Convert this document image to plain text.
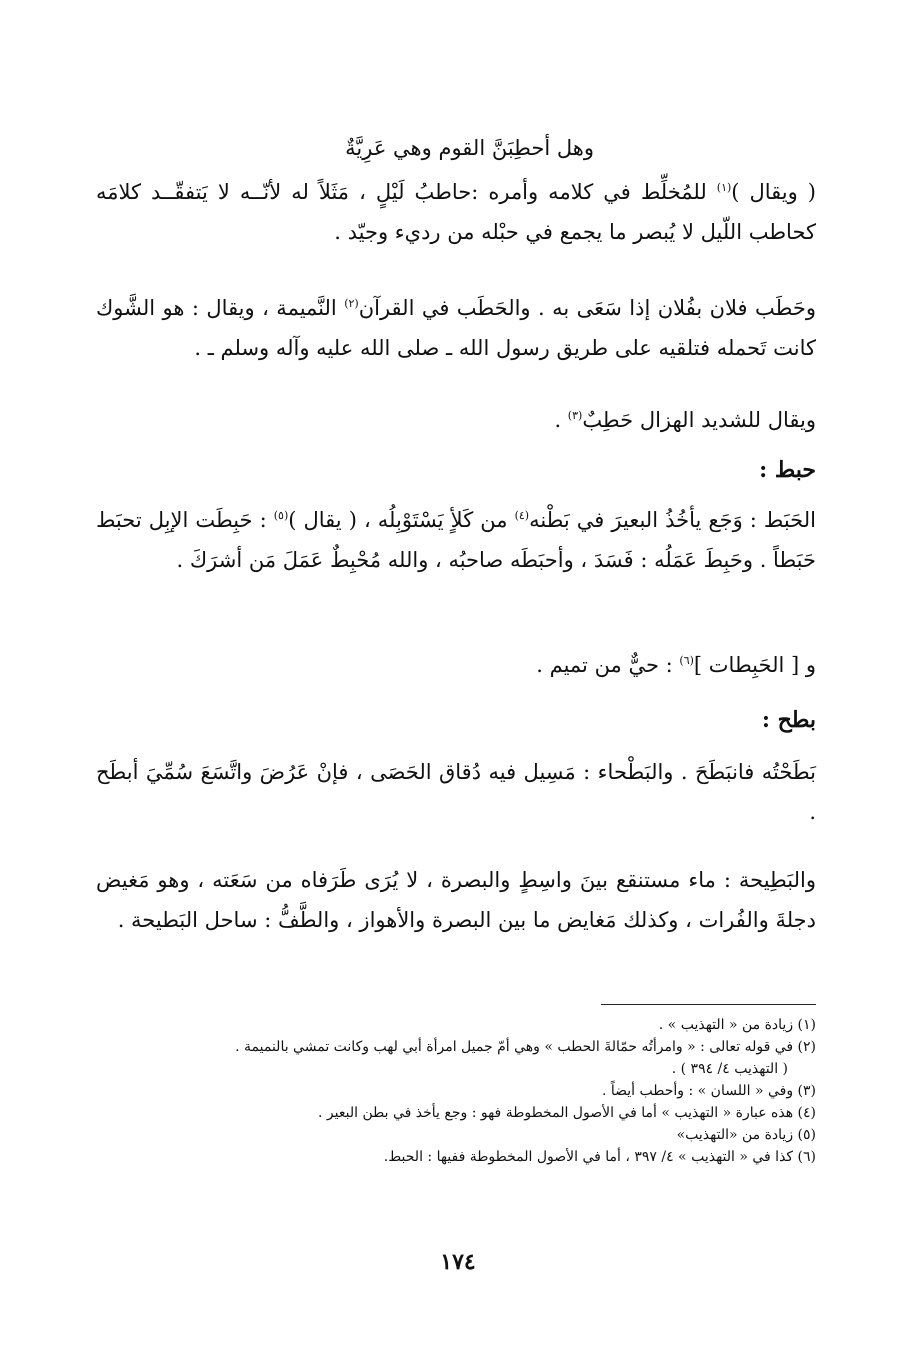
وهل أحطِبَنَّ القوم وهي عَرِيَّةٌ

( ويقال )$^{(١)}$ للمُخلِّط في كلامه وأمره :حاطبُ لَيْلٍ ، مَثَلاً له لأنّــه لا يَتفقّــد كلامَه كحاطب اللّيل لا يُبصر ما يجمع في حبْله من رديء وجيّد .

وحَطَب فلان بفُلان إذا سَعَى به . والحَطَب في القرآن$^{(٢)}$ النَّميمة ، ويقال : هو الشَّوك كانت تَحمله فتلقيه على طريق رسول الله ـ صلى الله عليه وآله وسلم ـ .

ويقال للشديد الهزال حَطِبٌ$^{(٣)}$ .

حبط :

الحَبَط : وَجَع يأخُذُ البعيرَ في بَطْنه$^{(٤)}$ من كَلأٍ يَسْتَوْبِلُه ، ( يقال )$^{(٥)}$ : حَبِطَت الإبِل تحبَط حَبَطاً . وحَبِطَ عَمَلُه : فَسَدَ ، وأحبَطَه صاحبُه ، والله مُحْبِطٌ عَمَلَ مَن أشرَكَ .

و [ الحَبِطات ]$^{(٦)}$ : حيٌّ من تميم .

بطح :

بَطَحْتُه فانبَطَحَ . والبَطْحاء : مَسِيل فيه دُقاق الحَصَى ، فإنْ عَرُضَ واتَّسَعَ سُمِّيَ أبطَح .

والبَطِيحة : ماء مستنقع بينَ واسِطٍ والبصرة ، لا يُرَى طَرَفاه من سَعَته ، وهو مَغيض دجلةَ والفُرات ، وكذلك مَغايض ما بين البصرة والأهواز ، والطَّفُّ : ساحل البَطيحة .

(١) زيادة من « التهذيب » .
(٢) في قوله تعالى : « وامرأتُه حمّالةَ الحطب » وهي أمّ جميل امرأة أبي لهب وكانت تمشي بالنميمة .
( التهذيب ٤/ ٣٩٤ ) .
(٣) وفي « اللسان » : وأحطب أيضاً .
(٤) هذه عبارة « التهذيب » أما في الأصول المخطوطة فهو : وجع يأخذ في بطن البعير .
(٥) زيادة من «التهذيب»
(٦) كذا في « التهذيب » ٤/ ٣٩٧ ، أما في الأصول المخطوطة ففيها : الحبط.
١٧٤
